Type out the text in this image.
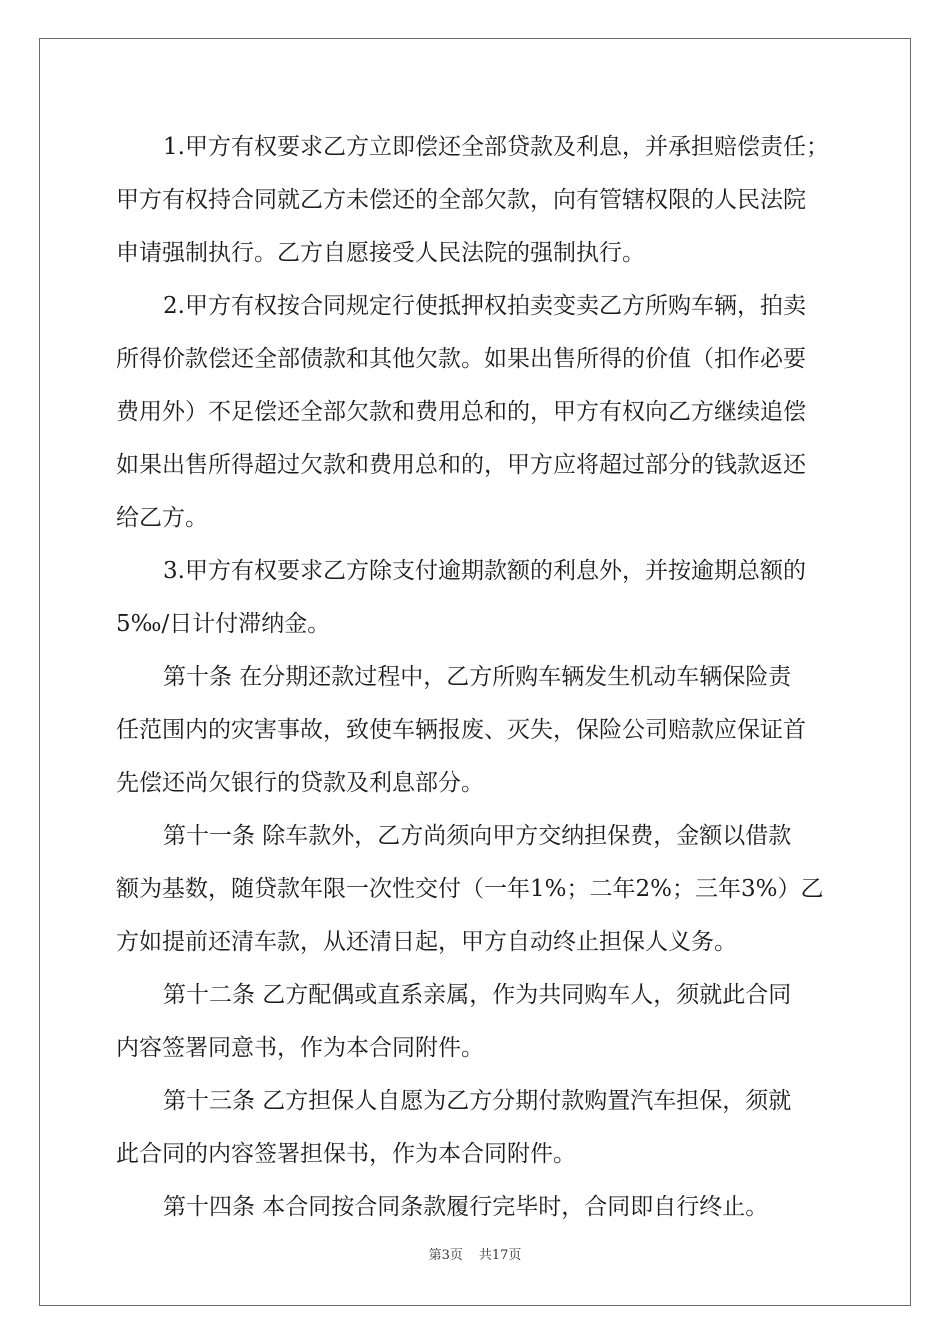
1.甲方有权要求乙方立即偿还全部贷款及利息，并承担赔偿责任；
甲方有权持合同就乙方未偿还的全部欠款，向有管辖权限的人民法院
申请强制执行。乙方自愿接受人民法院的强制执行。
2.甲方有权按合同规定行使抵押权拍卖变卖乙方所购车辆，拍卖
所得价款偿还全部债款和其他欠款。如果出售所得的价值（扣作必要
费用外）不足偿还全部欠款和费用总和的，甲方有权向乙方继续追偿
如果出售所得超过欠款和费用总和的，甲方应将超过部分的钱款返还
给乙方。
3.甲方有权要求乙方除支付逾期款额的利息外，并按逾期总额的
5‰/日计付滞纳金。
第十条 在分期还款过程中，乙方所购车辆发生机动车辆保险责
任范围内的灾害事故，致使车辆报废、灭失，保险公司赔款应保证首
先偿还尚欠银行的贷款及利息部分。
第十一条 除车款外，乙方尚须向甲方交纳担保费，金额以借款
额为基数，随贷款年限一次性交付（一年1%；二年2%；三年3%）乙
方如提前还清车款，从还清日起，甲方自动终止担保人义务。
第十二条 乙方配偶或直系亲属，作为共同购车人，须就此合同
内容签署同意书，作为本合同附件。
第十三条 乙方担保人自愿为乙方分期付款购置汽车担保，须就
此合同的内容签署担保书，作为本合同附件。
第十四条 本合同按合同条款履行完毕时，合同即自行终止。
第3页 共17页
